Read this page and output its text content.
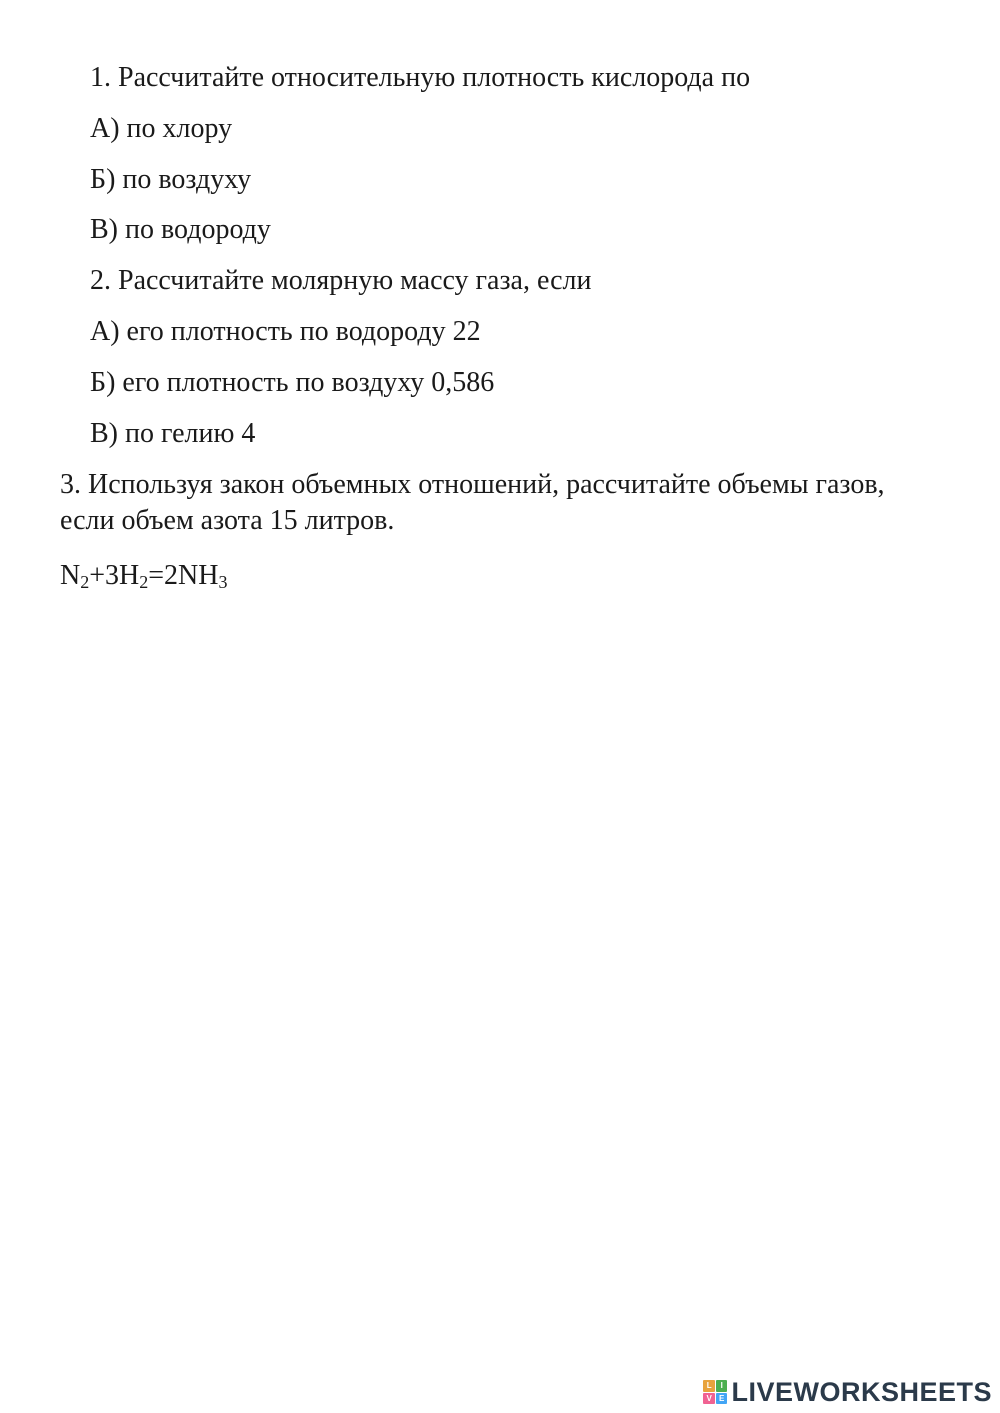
1. Рассчитайте относительную плотность кислорода по

А) по хлору

Б) по воздуху

В) по водороду

2. Рассчитайте молярную массу газа, если

А) его плотность по водороду 22

Б) его плотность по воздуху 0,586

В) по гелию 4

3. Используя закон объемных отношений, рассчитайте объемы газов, если объем азота 15 литров.

$N_2+3H_2=2NH_3$

L	I
V E LIVEWORKSHEETS
